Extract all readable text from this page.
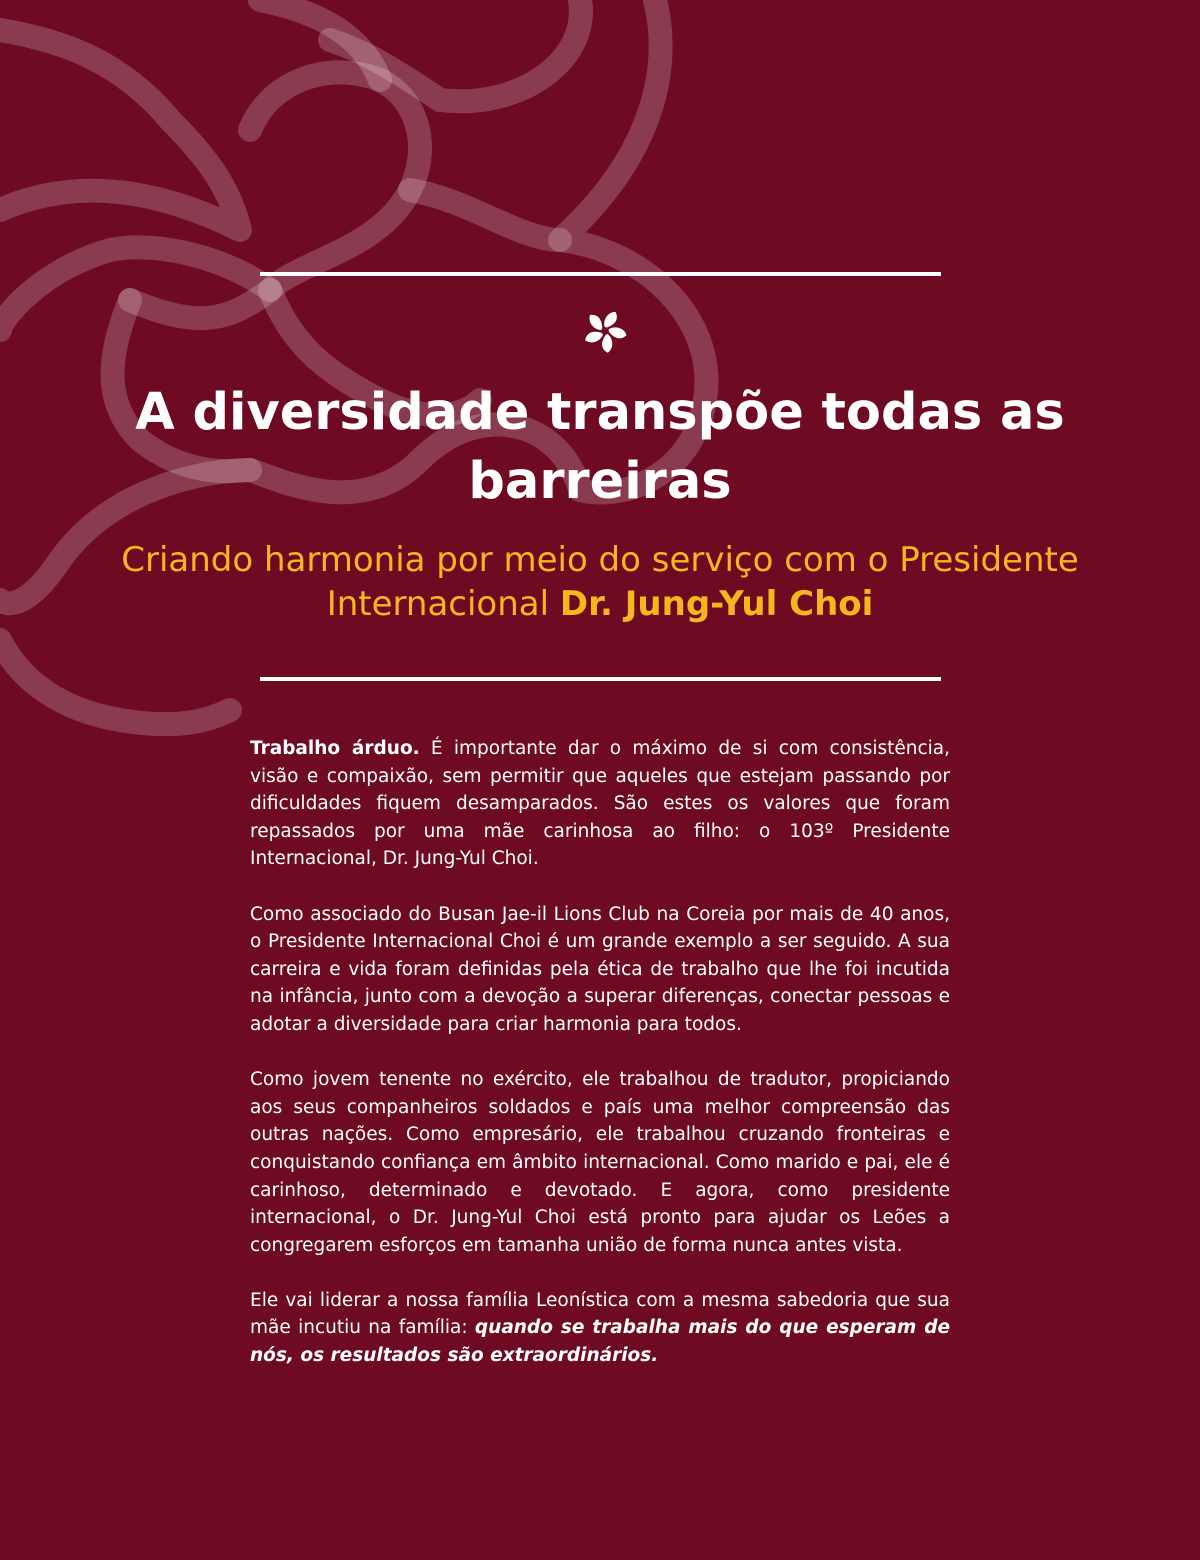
A diversidade transpõe todas as barreiras

Criando harmonia por meio do serviço com o Presidente Internacional Dr. Jung-Yul Choi

Trabalho árduo. É importante dar o máximo de si com consistência, visão e compaixão, sem permitir que aqueles que estejam passando por dificuldades fiquem desamparados. São estes os valores que foram repassados por uma mãe carinhosa ao filho: o 103º Presidente Internacional, Dr. Jung-Yul Choi.

Como associado do Busan Jae-il Lions Club na Coreia por mais de 40 anos, o Presidente Internacional Choi é um grande exemplo a ser seguido. A sua carreira e vida foram definidas pela ética de trabalho que lhe foi incutida na infância, junto com a devoção a superar diferenças, conectar pessoas e adotar a diversidade para criar harmonia para todos.

Como jovem tenente no exército, ele trabalhou de tradutor, propiciando aos seus companheiros soldados e país uma melhor compreensão das outras nações. Como empresário, ele trabalhou cruzando fronteiras e conquistando confiança em âmbito internacional. Como marido e pai, ele é carinhoso, determinado e devotado. E agora, como presidente internacional, o Dr. Jung-Yul Choi está pronto para ajudar os Leões a congregarem esforços em tamanha união de forma nunca antes vista.

Ele vai liderar a nossa família Leonística com a mesma sabedoria que sua mãe incutiu na família: quando se trabalha mais do que esperam de nós, os resultados são extraordinários.
